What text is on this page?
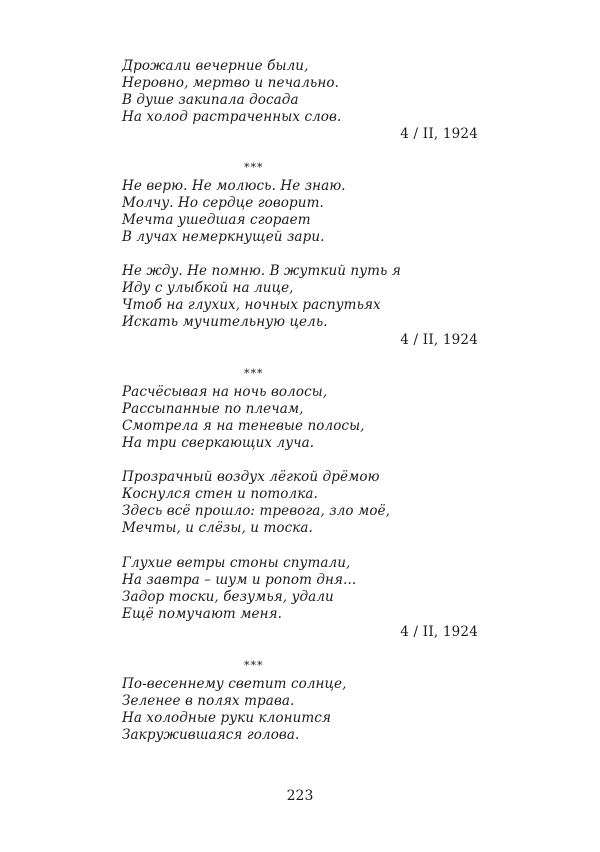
Дрожали вечерние были,
Неровно, мертво и печально.
В душе закипала досада
На холод растраченных слов.
4 / II, 1924
***
Не верю. Не молюсь. Не знаю.
Молчу. Но сердце говорит.
Мечта ушедшая сгорает
В лучах немеркнущей зари.
Не жду. Не помню. В жуткий путь я
Иду с улыбкой на лице,
Чтоб на глухих, ночных распутьях
Искать мучительную цель.
4 / II, 1924
***
Расчёсывая на ночь волосы,
Рассыпанные по плечам,
Смотрела я на теневые полосы,
На три сверкающих луча.
Прозрачный воздух лёгкой дрёмою
Коснулся стен и потолка.
Здесь всё прошло: тревога, зло моё,
Мечты, и слёзы, и тоска.
Глухие ветры стоны спутали,
На завтра – шум и ропот дня...
Задор тоски, безумья, удали
Ещё помучают меня.
4 / II, 1924
***
По-весеннему светит солнце,
Зеленее в полях трава.
На холодные руки клонится
Закружившаяся голова.
223
